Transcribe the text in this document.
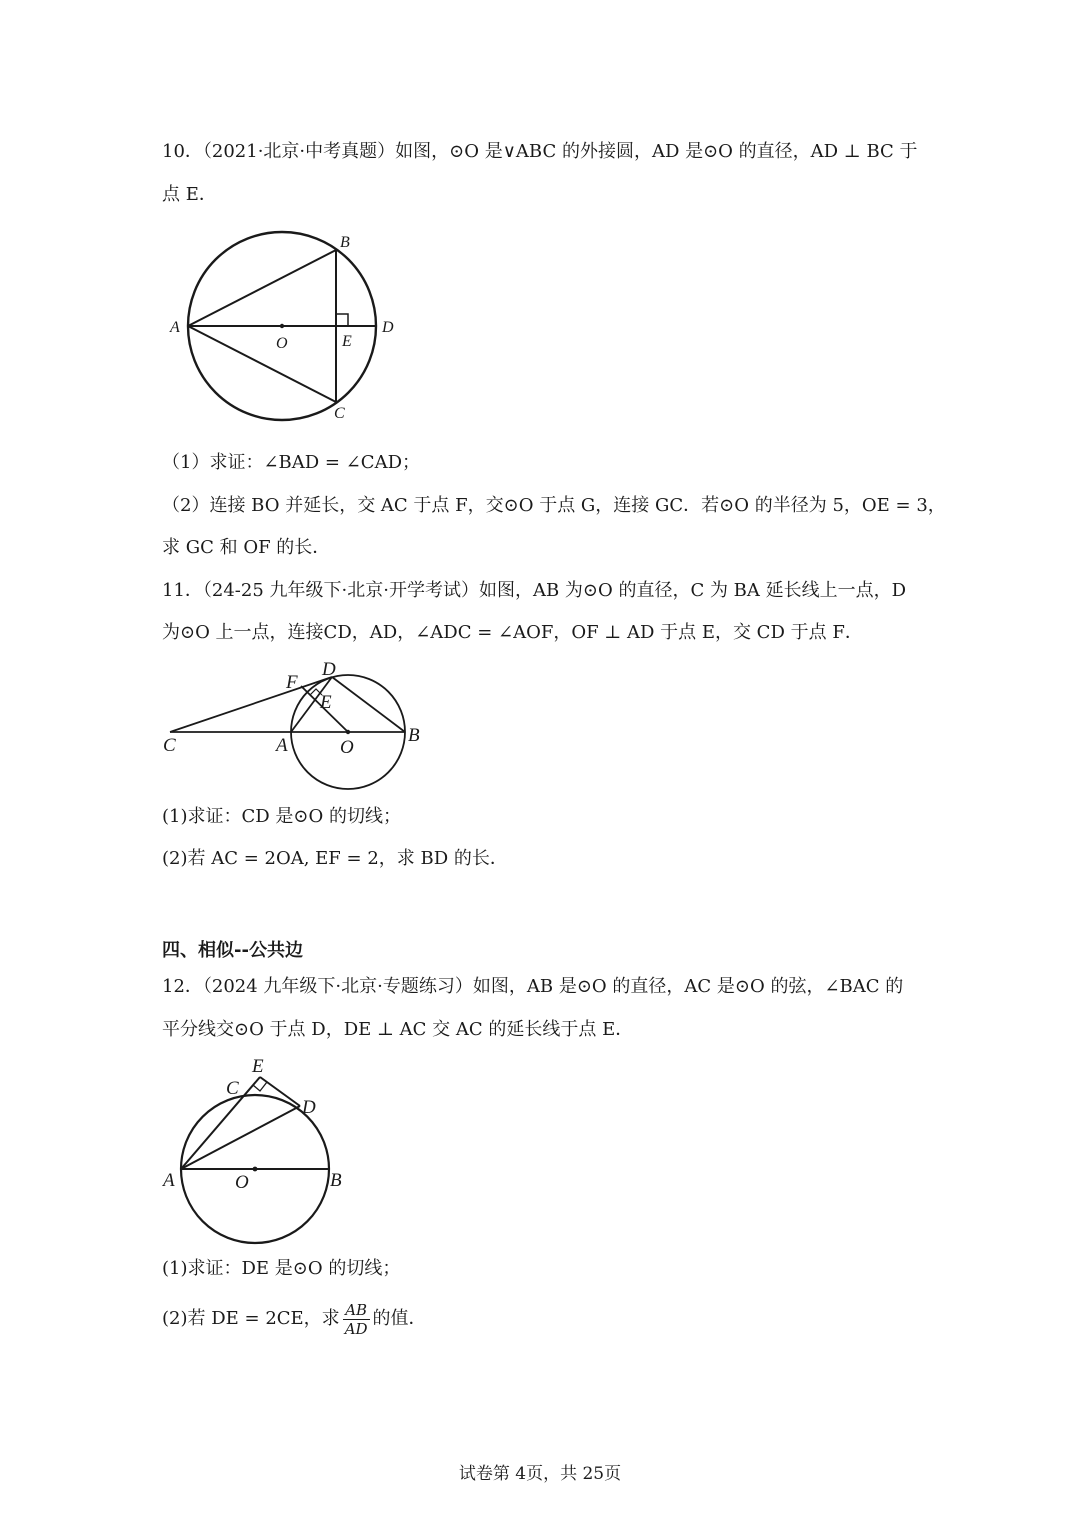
10．（2021·北京·中考真题）如图，⊙O 是∨ABC 的外接圆，AD 是⊙O 的直径，AD ⊥ BC 于
点 E．
A
B
C
D
O	E
（1）求证：∠BAD = ∠CAD；
（2）连接 BO 并延长，交 AC 于点 F，交⊙O 于点 G，连接 GC．若⊙O 的半径为 5，OE = 3，
求 GC 和 OF 的长．
11．（24-25 九年级下·北京·开学考试）如图，AB 为⊙O 的直径，C 为 BA 延长线上一点，D
为⊙O 上一点，连接CD，AD，∠ADC = ∠AOF，OF ⊥ AD 于点 E，交 CD 于点 F．
C	A	O
B
D
F
E
(1)求证：CD 是⊙O 的切线；
(2)若 AC = 2OA, EF = 2，求 BD 的长．
四、相似--公共边
12．（2024 九年级下·北京·专题练习）如图，AB 是⊙O 的直径，AC 是⊙O 的弦，∠BAC 的
平分线交⊙O 于点 D，DE ⊥ AC 交 AC 的延长线于点 E．
A	O	B
C
E
D
(1)求证：DE 是⊙O 的切线；
(2)若 DE = 2CE，求 $\frac{AB}{AD}$ 的值．
试卷第 4页，共 25页
